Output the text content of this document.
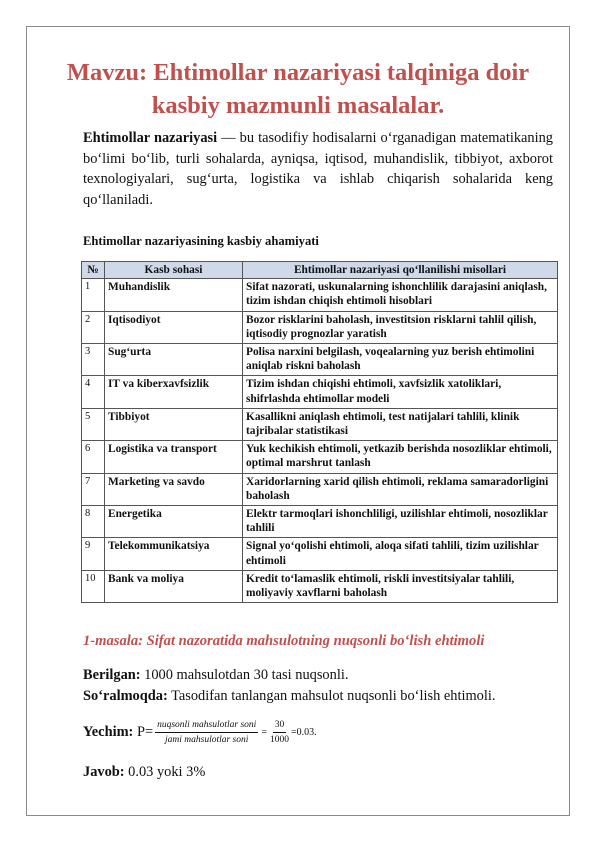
Mavzu: Ehtimollar nazariyasi talqiniga doir kasbiy mazmunli masalalar.

Ehtimollar nazariyasi — bu tasodifiy hodisalarni o‘rganadigan matematikaning bo‘limi bo‘lib, turli sohalarda, ayniqsa, iqtisod, muhandislik, tibbiyot, axborot texnologiyalari, sug‘urta, logistika va ishlab chiqarish sohalarida keng qo‘llaniladi.

Ehtimollar nazariyasining kasbiy ahamiyati
№	Kasb sohasi	Ehtimollar nazariyasi qo‘llanilishi misollari
1	Muhandislik	Sifat nazorati, uskunalarning ishonchlilik darajasini aniqlash, tizim ishdan chiqish ehtimoli hisoblari
2	Iqtisodiyot	Bozor risklarini baholash, investitsion risklarni tahlil qilish, iqtisodiy prognozlar yaratish
3	Sug‘urta	Polisa narxini belgilash, voqealarning yuz berish ehtimolini aniqlab riskni baholash
4	IT va kiberxavfsizlik	Tizim ishdan chiqishi ehtimoli, xavfsizlik xatoliklari, shifrlashda ehtimollar modeli
5	Tibbiyot	Kasallikni aniqlash ehtimoli, test natijalari tahlili, klinik tajribalar statistikasi
6	Logistika va transport	Yuk kechikish ehtimoli, yetkazib berishda nosozliklar ehtimoli, optimal marshrut tanlash
7	Marketing va savdo	Xaridorlarning xarid qilish ehtimoli, reklama samaradorligini baholash
8	Energetika	Elektr tarmoqlari ishonchliligi, uzilishlar ehtimoli, nosozliklar tahlili
9	Telekommunikatsiya	Signal yo‘qolishi ehtimoli, aloqa sifati tahlili, tizim uzilishlar ehtimoli
10	Bank va moliya	Kredit to‘lamaslik ehtimoli, riskli investitsiyalar tahlili, moliyaviy xavflarni baholash
1-masala: Sifat nazoratida mahsulotning nuqsonli bo‘lish ehtimoli
Berilgan: 1000 mahsulotdan 30 tasi nuqsonli.
So‘ralmoqda: Tasodifan tanlangan mahsulot nuqsonli bo‘lish ehtimoli.
Yechim: $P= \frac{\text{nuqsonli mahsulotlar soni}}{\text{jami mahsulotlar soni}} = \frac{30}{1000} =0.03$.
Javob: 0.03 yoki 3%
